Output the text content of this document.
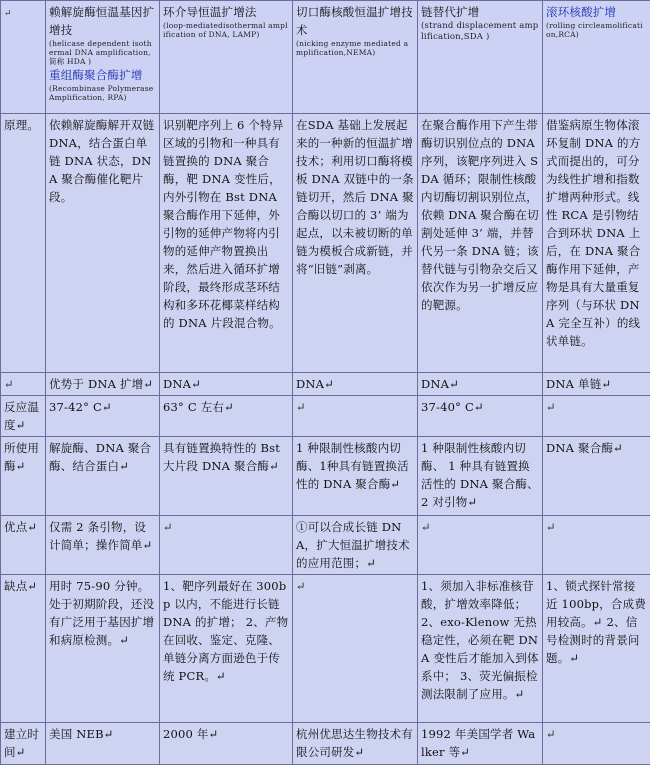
↵	赖解旋酶恒温基因扩增技
(helicase dependent isothermal DNA amplification, 简称 HDA )
重组酶聚合酶扩增
(Recombinase Polymerase Amplification, RPA)	环介导恒温扩增法
(loop-mediatedisothermal amplification of DNA, LAMP)	切口酶核酸恒温扩增技术
(nicking enzyme mediated amplification,NEMA)	链替代扩增
(strand displacement amplification,SDA )	滚环核酸扩增
(rolling circleamolification,RCA)

原理。	依赖解旋酶解开双链DNA，结合蛋白单链 DNA 状态，DNA 聚合酶催化靶片段。	识别靶序列上 6 个特异区域的引物和一种具有链置换的 DNA 聚合酶，靶 DNA 变性后，内外引物在 Bst DNA 聚合酶作用下延伸，外引物的延伸产物将内引物的延伸产物置换出来，然后进入循环扩增阶段，最终形成茎环结构和多环花椰菜样结构的 DNA 片段混合物。	在SDA 基础上发展起来的一种新的恒温扩增技术；利用切口酶将模板 DNA 双链中的一条链切开，然后 DNA 聚合酶以切口的 3’ 端为起点，以未被切断的单链为模板合成新链，并将“旧链”剥离。	在聚合酶作用下产生带酶切识别位点的 DNA 序列，该靶序列进入 SDA 循环；限制性核酸内切酶切割识别位点，依赖 DNA 聚合酶在切割处延伸 3’ 端，并替代另一条 DNA 链；该替代链与引物杂交后又依次作为另一扩增反应的靶源。	借鉴病原生物体滚环复制 DNA 的方式而提出的，可分为线性扩增和指数扩增两种形式。线性 RCA 是引物结合到环状 DNA 上后，在 DNA 聚合酶作用下延伸，产物是具有大量重复序列（与环状 DNA 完全互补）的线状单链。
↵	优势于 DNA 扩增↵	DNA↵	DNA↵	DNA↵	DNA 单链↵
反应温度↵	37-42° C↵	63° C 左右↵	↵	37-40° C↵	↵
所使用酶↵	解旋酶、DNA 聚合酶、结合蛋白↵	具有链置换特性的 Bst 大片段 DNA 聚合酶↵	1 种限制性核酸内切酶、1种具有链置换活性的 DNA 聚合酶↵	1 种限制性核酸内切酶、 1 种具有链置换活性的 DNA 聚合酶、 2 对引物↵	DNA 聚合酶↵
优点↵	仅需 2 条引物，设计简单；操作简单↵	↵	①可以合成长链 DNA，扩大恒温扩增技术的应用范围；↵	↵	↵
缺点↵	用时 75-90 分钟。处于初期阶段，还没有广泛用于基因扩增和病原检测。↵	1、靶序列最好在 300bp 以内，不能进行长链 DNA 的扩增； 2、产物在回收、鉴定、克隆、单链分离方面逊色于传统 PCR。↵	↵	1、须加入非标准核苷酸，扩增效率降低； 2、exo-Klenow 无热稳定性，必须在靶 DNA 变性后才能加入到体系中； 3、荧光偏振检测法限制了应用。↵	1、锁式探针常接近 100bp，合成费用较高。↵ 2、信号检测时的背景问题。↵
建立时间↵	美国 NEB↵	2000 年↵	杭州优思达生物技术有限公司研发↵	1992 年美国学者 Walker 等↵	↵
